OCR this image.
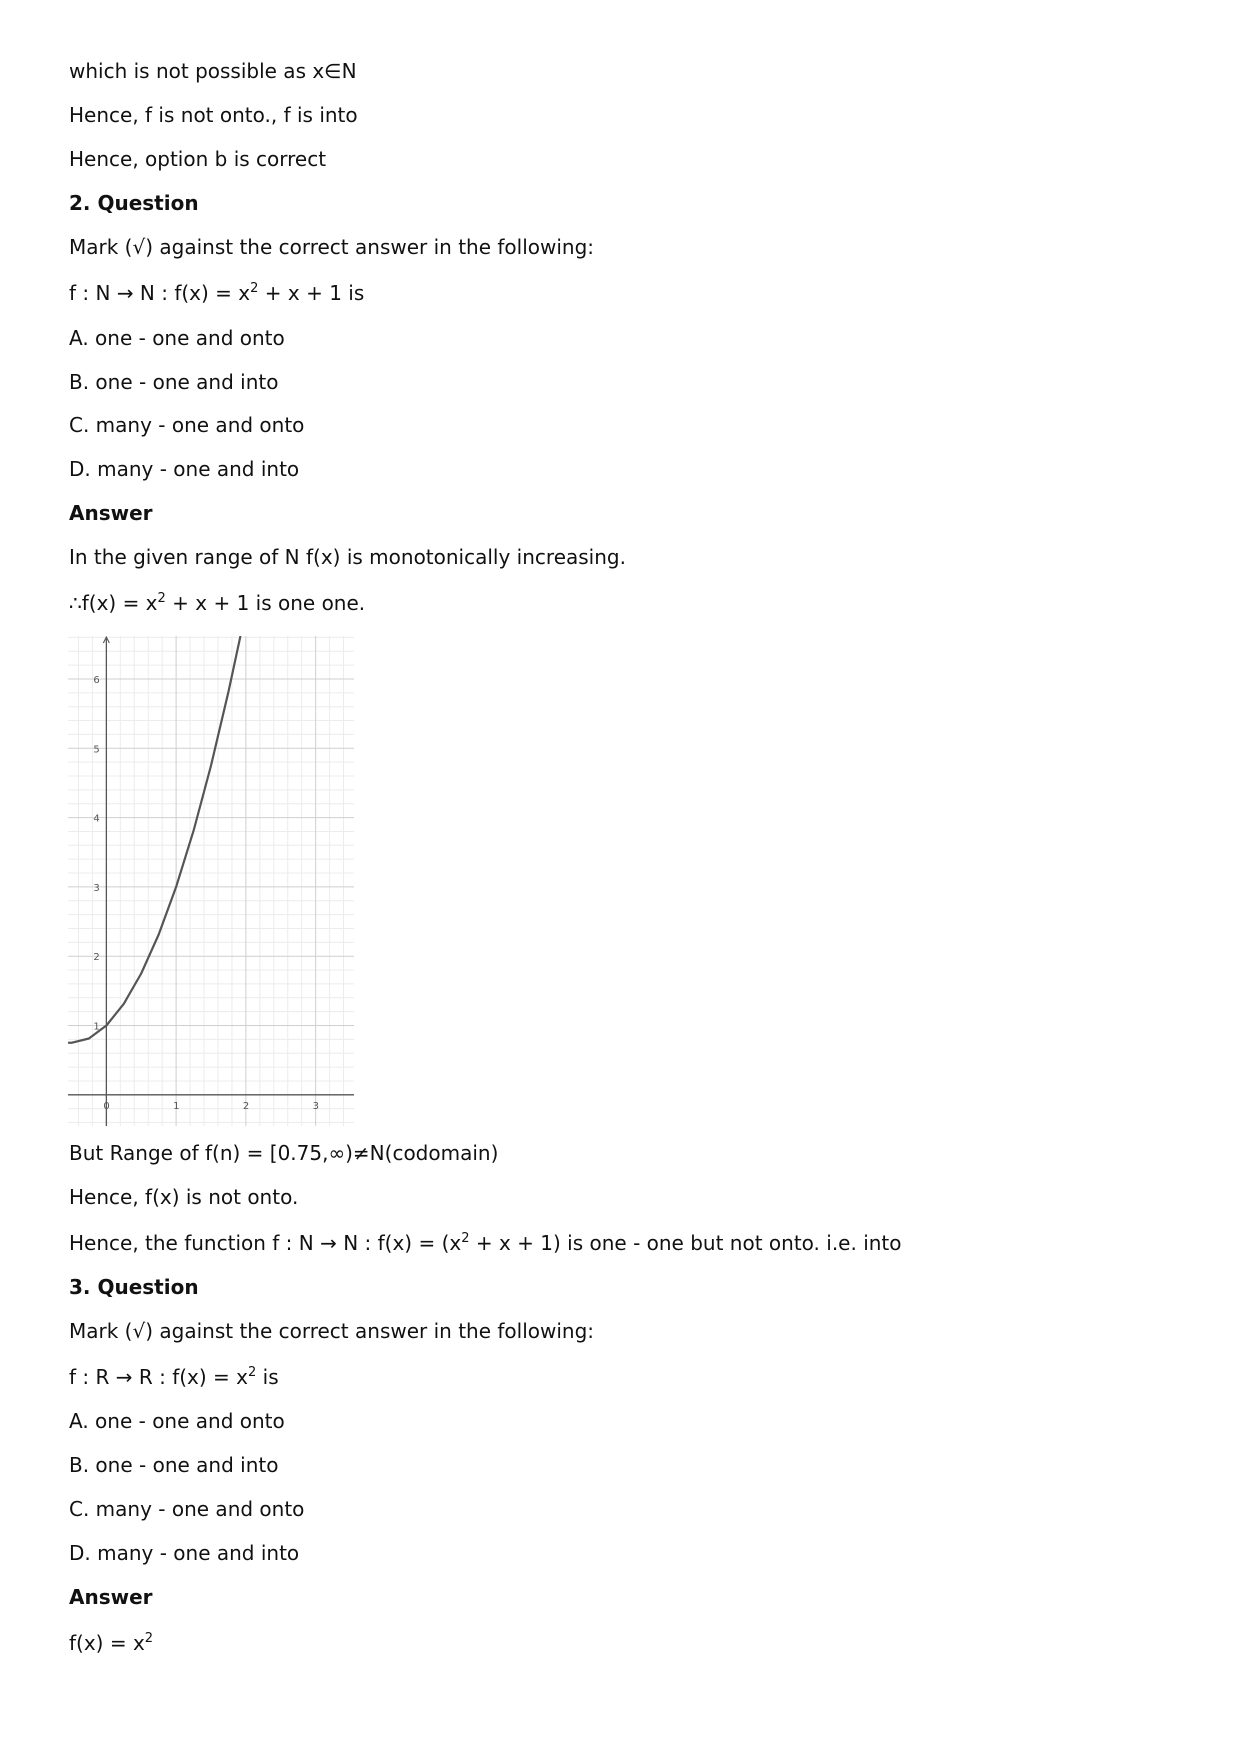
which is not possible as x∈N
Hence, f is not onto., f is into
Hence, option b is correct
2. Question
Mark (√) against the correct answer in the following:
f : N → N : $f(x) = x^2 + x + 1$ is
A. one - one and onto
B. one - one and into
C. many - one and onto
D. many - one and into
Answer
In the given range of N f(x) is monotonically increasing.
∴f(x) = $x^2 + x + 1$ is one one.
0	1	2	3
1
2
3
4
5
6
But Range of f(n) = [0.75,∞)≠N(codomain)
Hence, f(x) is not onto.
Hence, the function f : N → N : $f(x) = (x^2 + x + 1)$ is one - one but not onto. i.e. into
3. Question
Mark (√) against the correct answer in the following:
f : R → R : $f(x) = x^2$ is
A. one - one and onto
B. one - one and into
C. many - one and onto
D. many - one and into
Answer
$f(x) = x^2$
